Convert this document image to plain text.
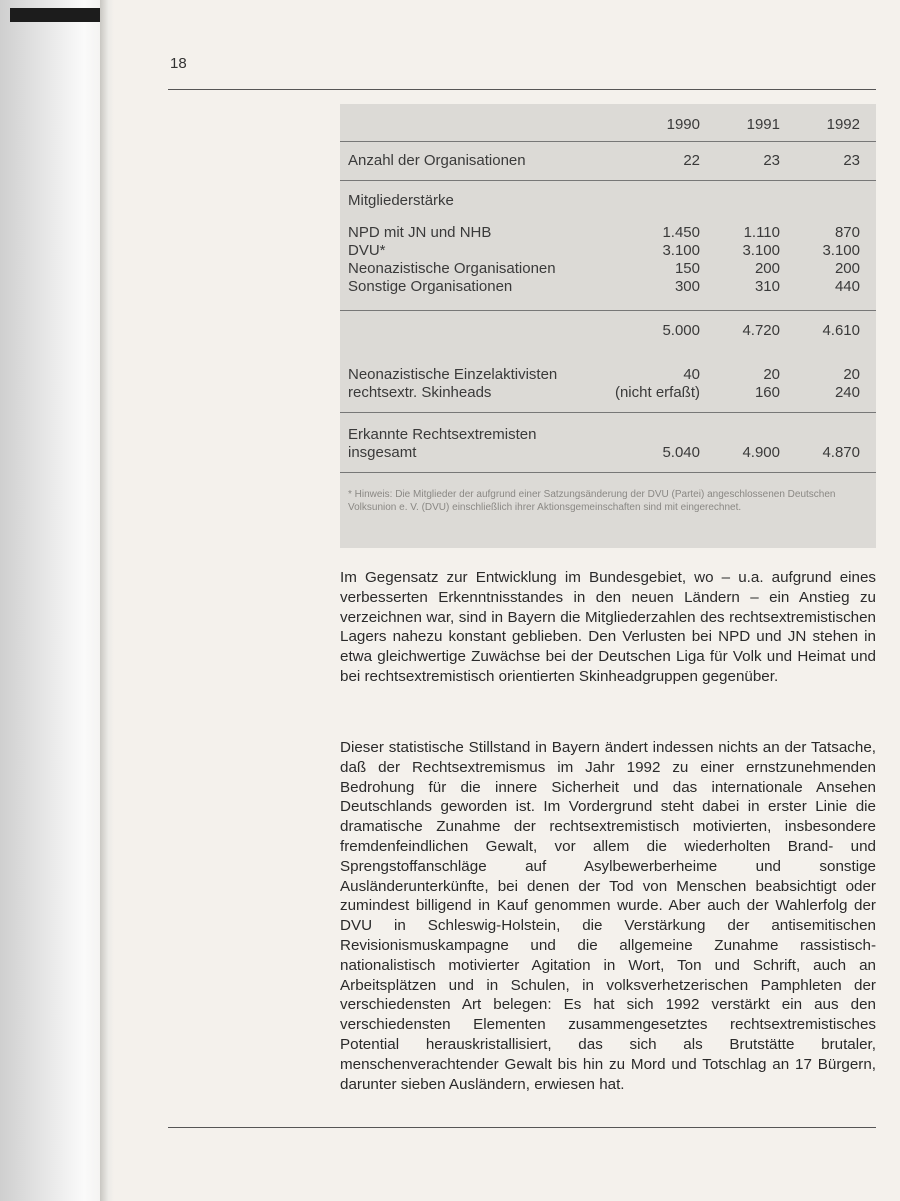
18
1990	1991	1992
Anzahl der Organisationen	22	23	23
Mitgliederstärke
NPD mit JN und NHB	1.450	1.110	870
DVU*	3.100	3.100	3.100
Neonazistische Organisationen	150	200	200
Sonstige Organisationen	300	310	440
5.000	4.720	4.610
Neonazistische Einzelaktivisten	40	20	20
rechtsextr. Skinheads	(nicht erfaßt)	160	240
Erkannte Rechtsextremisten
insgesamt	5.040	4.900	4.870
* Hinweis: Die Mitglieder der aufgrund einer Satzungsänderung der DVU (Partei) angeschlossenen Deutschen Volksunion e. V. (DVU) einschließlich ihrer Aktionsgemeinschaften sind mit eingerechnet.
Im Gegensatz zur Entwicklung im Bundesgebiet, wo – u.a. aufgrund eines verbesserten Erkenntnisstandes in den neuen Ländern – ein Anstieg zu verzeichnen war, sind in Bayern die Mitgliederzahlen des rechtsextremistischen Lagers nahezu konstant geblieben. Den Verlusten bei NPD und JN stehen in etwa gleichwertige Zuwächse bei der Deutschen Liga für Volk und Heimat und bei rechtsextremistisch orientierten Skinheadgruppen gegenüber.
Dieser statistische Stillstand in Bayern ändert indessen nichts an der Tatsache, daß der Rechtsextremismus im Jahr 1992 zu einer ernstzunehmenden Bedrohung für die innere Sicherheit und das internationale Ansehen Deutschlands geworden ist. Im Vordergrund steht dabei in erster Linie die dramatische Zunahme der rechtsextremistisch motivierten, insbesondere fremdenfeindlichen Gewalt, vor allem die wiederholten Brand- und Sprengstoffanschläge auf Asylbewerberheime und sonstige Ausländerunterkünfte, bei denen der Tod von Menschen beabsichtigt oder zumindest billigend in Kauf genommen wurde. Aber auch der Wahlerfolg der DVU in Schleswig-Holstein, die Verstärkung der antisemitischen Revisionismuskampagne und die allgemeine Zunahme rassistisch-nationalistisch motivierter Agitation in Wort, Ton und Schrift, auch an Arbeitsplätzen und in Schulen, in volksverhetzerischen Pamphleten der verschiedensten Art belegen: Es hat sich 1992 verstärkt ein aus den verschiedensten Elementen zusammengesetztes rechtsextremistisches Potential herauskristallisiert, das sich als Brutstätte brutaler, menschenverachtender Gewalt bis hin zu Mord und Totschlag an 17 Bürgern, darunter sieben Ausländern, erwiesen hat.
